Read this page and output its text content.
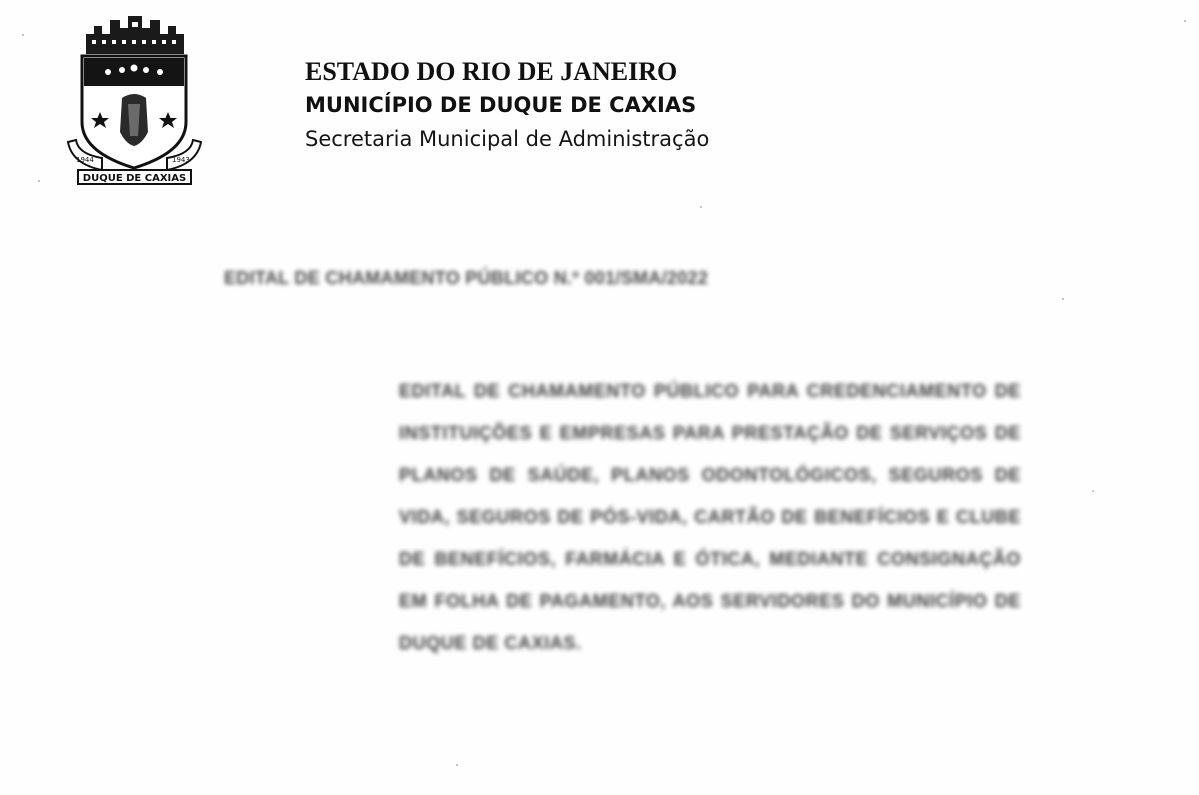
1944	1943
DUQUE DE CAXIAS
ESTADO DO RIO DE JANEIRO
MUNICÍPIO DE DUQUE DE CAXIAS
Secretaria Municipal de Administração
EDITAL DE CHAMAMENTO PÚBLICO N.º 001/SMA/2022
EDITAL DE CHAMAMENTO PÚBLICO PARA CREDENCIAMENTO DE INSTITUIÇÕES E EMPRESAS PARA PRESTAÇÃO DE SERVIÇOS DE PLANOS DE SAÚDE, PLANOS ODONTOLÓGICOS, SEGUROS DE VIDA, SEGUROS DE PÓS-VIDA, CARTÃO DE BENEFÍCIOS E CLUBE DE BENEFÍCIOS, FARMÁCIA E ÓTICA, MEDIANTE CONSIGNAÇÃO EM FOLHA DE PAGAMENTO, AOS SERVIDORES DO MUNICÍPIO DE DUQUE DE CAXIAS.
